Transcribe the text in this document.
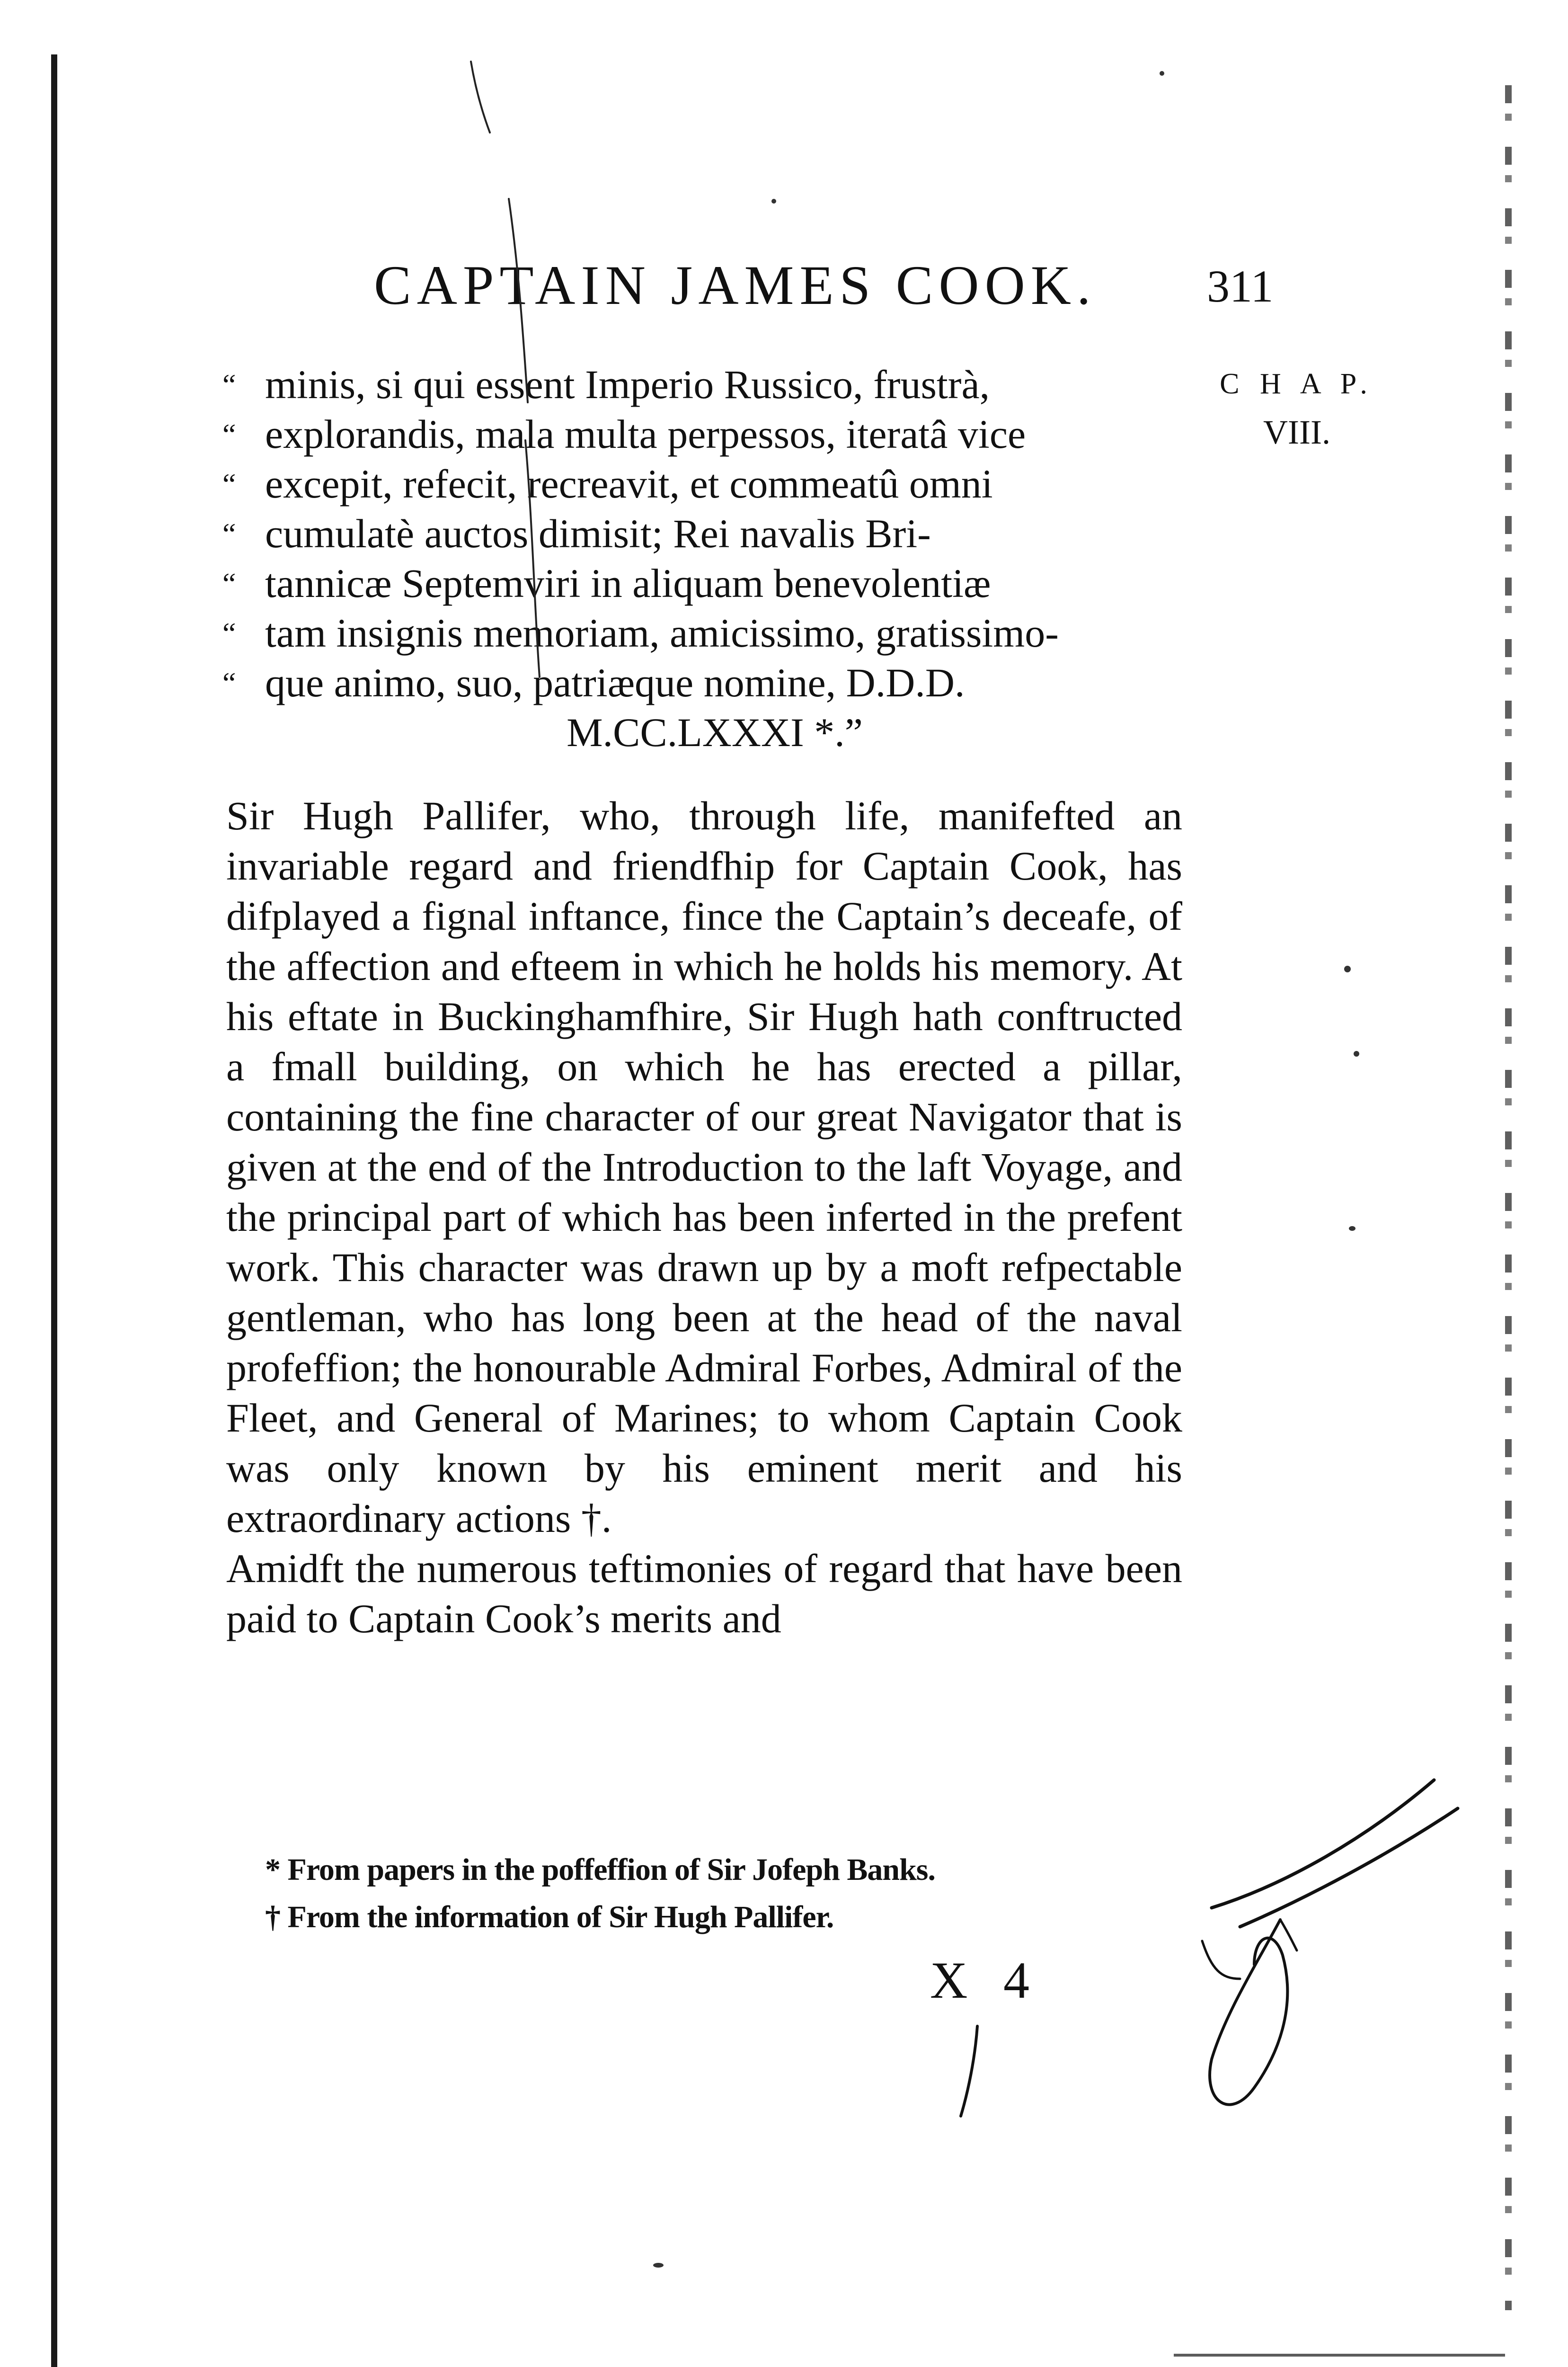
CAPTAIN JAMES COOK.	311
C H A P.
VIII.
“ minis, si qui essent Imperio Russico, frustrà,
“ explorandis, mala multa perpessos, iteratâ vice
“ excepit, refecit, recreavit, et commeatû omni
“ cumulatè auctos dimisit; Rei navalis Bri-
“ tannicæ Septemviri in aliquam benevolentiæ
“ tam insignis memoriam, amicissimo, gratissimo-
“ que animo, suo, patriæque nomine, D.D.D.
M.CC.LXXXI *.”

Sir Hugh Pallifer, who, through life, manifefted an invariable regard and friendfhip for Captain Cook, has difplayed a fignal inftance, fince the Captain’s deceafe, of the affection and efteem in which he holds his memory. At his eftate in Buckinghamfhire, Sir Hugh hath conftructed a fmall building, on which he has erected a pillar, containing the fine character of our great Navigator that is given at the end of the Introduction to the laft Voyage, and the principal part of which has been inferted in the prefent work. This character was drawn up by a moft refpectable gentleman, who has long been at the head of the naval profeffion; the honourable Admiral Forbes, Admiral of the Fleet, and General of Marines; to whom Captain Cook was only known by his eminent merit and his extraordinary actions †.

Amidft the numerous teftimonies of regard that have been paid to Captain Cook’s merits and

* From papers in the poffeffion of Sir Jofeph Banks.
† From the information of Sir Hugh Pallifer.
X 4
